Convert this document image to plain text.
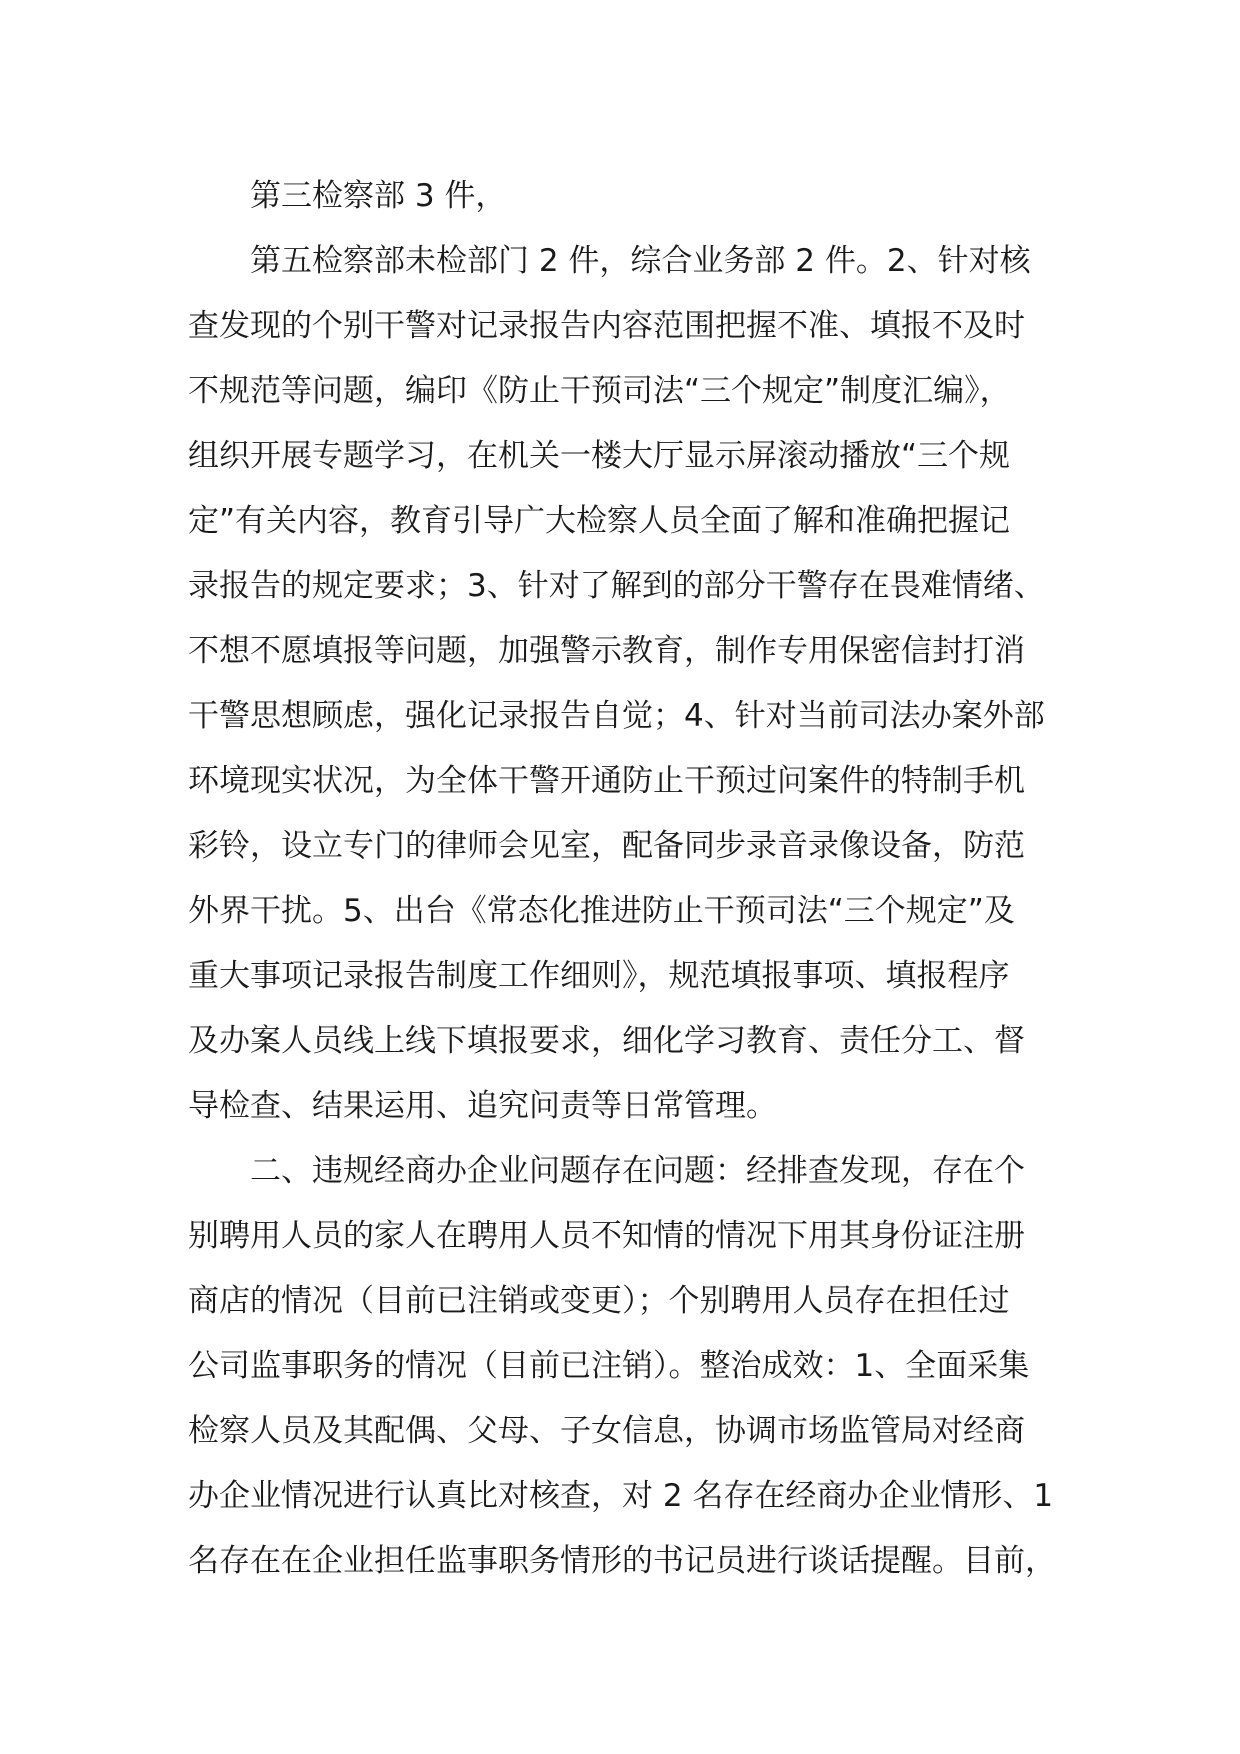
第三检察部 3 件，
第五检察部未检部门 2 件，综合业务部 2 件。2、针对核
查发现的个别干警对记录报告内容范围把握不准、填报不及时
不规范等问题，编印《防止干预司法“三个规定”制度汇编》，
组织开展专题学习，在机关一楼大厅显示屏滚动播放“三个规
定”有关内容，教育引导广大检察人员全面了解和准确把握记
录报告的规定要求；3、针对了解到的部分干警存在畏难情绪、
不想不愿填报等问题，加强警示教育，制作专用保密信封打消
干警思想顾虑，强化记录报告自觉；4、针对当前司法办案外部
环境现实状况，为全体干警开通防止干预过问案件的特制手机
彩铃，设立专门的律师会见室，配备同步录音录像设备，防范
外界干扰。5、出台《常态化推进防止干预司法“三个规定”及
重大事项记录报告制度工作细则》，规范填报事项、填报程序
及办案人员线上线下填报要求，细化学习教育、责任分工、督
导检查、结果运用、追究问责等日常管理。
二、违规经商办企业问题存在问题：经排查发现，存在个
别聘用人员的家人在聘用人员不知情的情况下用其身份证注册
商店的情况（目前已注销或变更）；个别聘用人员存在担任过
公司监事职务的情况（目前已注销）。整治成效：1、全面采集
检察人员及其配偶、父母、子女信息，协调市场监管局对经商
办企业情况进行认真比对核查，对 2 名存在经商办企业情形、1
名存在在企业担任监事职务情形的书记员进行谈话提醒。目前，
